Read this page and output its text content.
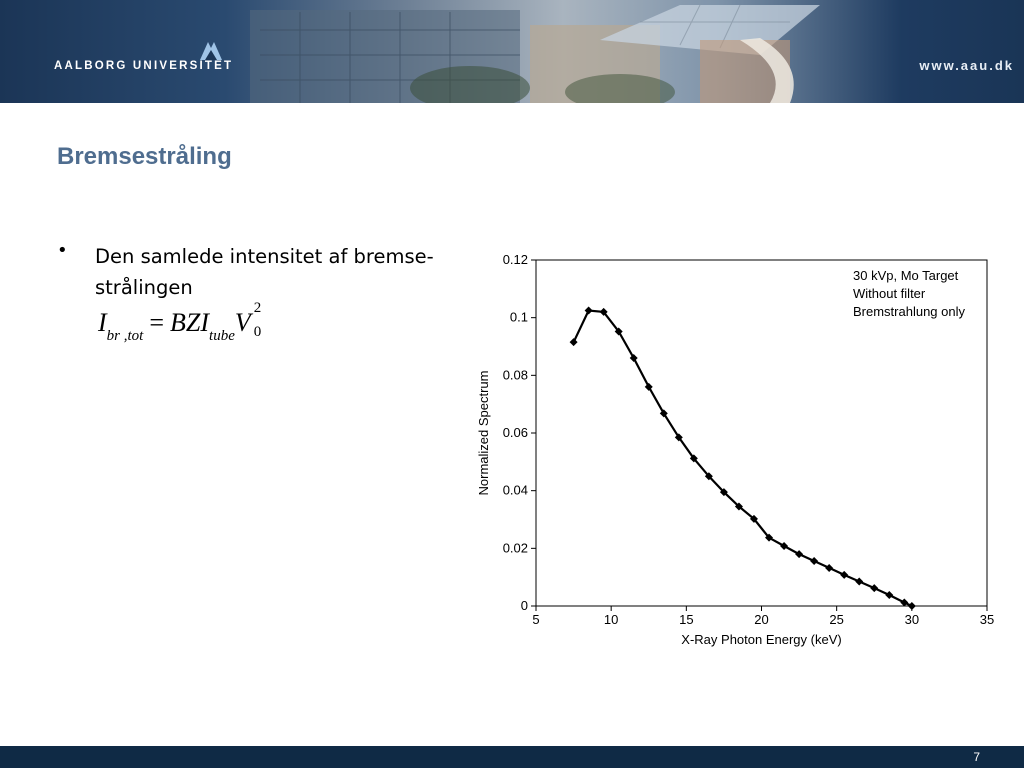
AALBORG UNIVERSITET	www.aau.dk
Bremsestråling
• Den samlede intensitet af bremse-strålingen
$I_{br ,tot} = BZI_{tube}V$ 2
0

5	10	15	20	25	30	35
0
0.02
0.04
0.06
0.08
0.1
0.12
X-Ray Photon Energy (keV)
Normalized Spectrum
30 kVp, Mo Target
Without filter
Bremstrahlung only
7
